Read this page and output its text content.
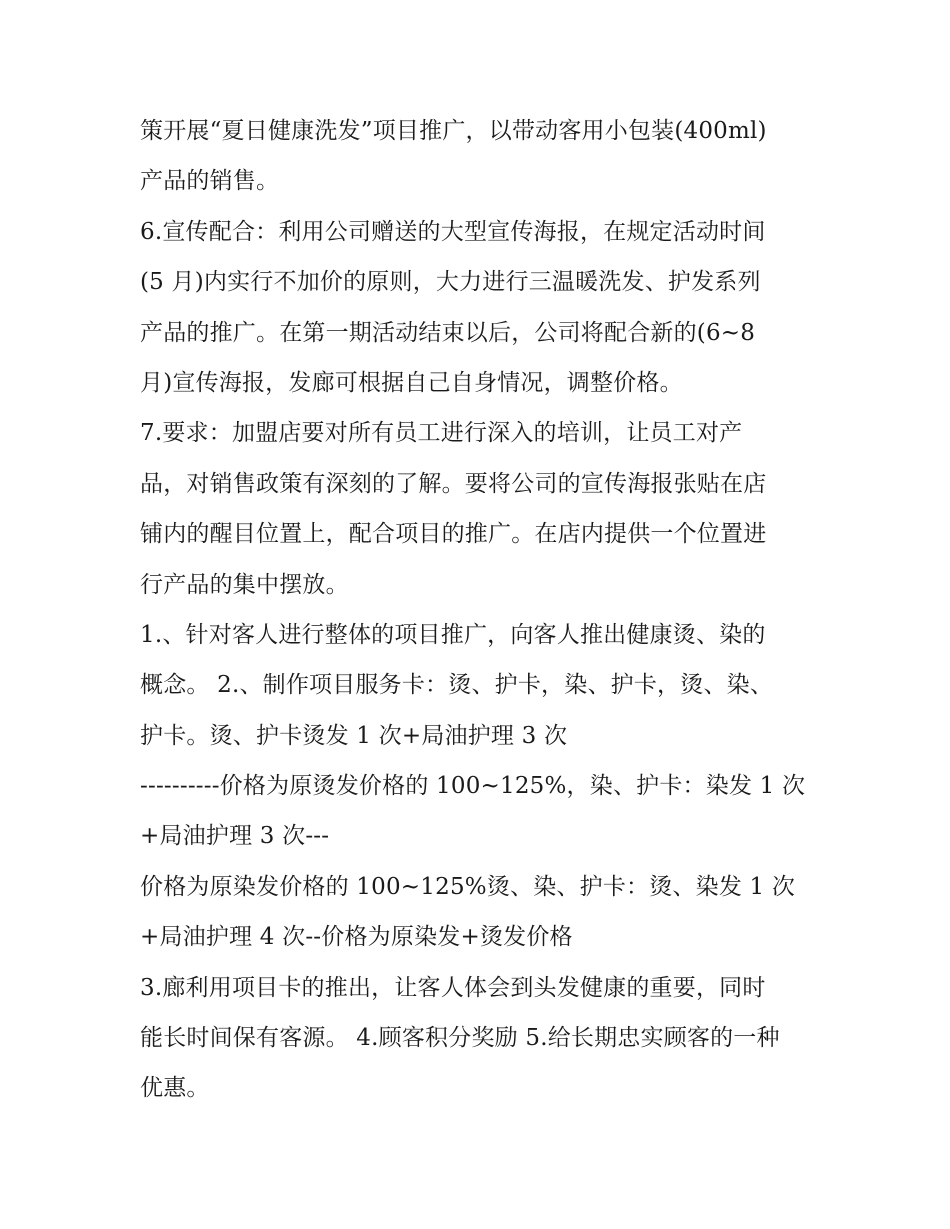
策开展“夏日健康洗发”项目推广，以带动客用小包装(400ml)
产品的销售。
6.宣传配合：利用公司赠送的大型宣传海报，在规定活动时间
(5 月)内实行不加价的原则，大力进行三温暖洗发、护发系列
产品的推广。在第一期活动结束以后，公司将配合新的(6~8
月)宣传海报，发廊可根据自己自身情况，调整价格。
7.要求：加盟店要对所有员工进行深入的培训，让员工对产
品，对销售政策有深刻的了解。要将公司的宣传海报张贴在店
铺内的醒目位置上，配合项目的推广。在店内提供一个位置进
行产品的集中摆放。
1.、针对客人进行整体的项目推广，向客人推出健康烫、染的
概念。 2.、制作项目服务卡：烫、护卡，染、护卡，烫、染、
护卡。烫、护卡烫发 1 次+局油护理 3 次
----------价格为原烫发价格的 100~125%，染、护卡：染发 1 次
+局油护理 3 次---
价格为原染发价格的 100~125%烫、染、护卡：烫、染发 1 次
+局油护理 4 次--价格为原染发+烫发价格
3.廊利用项目卡的推出，让客人体会到头发健康的重要，同时
能长时间保有客源。 4.顾客积分奖励 5.给长期忠实顾客的一种
优惠。
